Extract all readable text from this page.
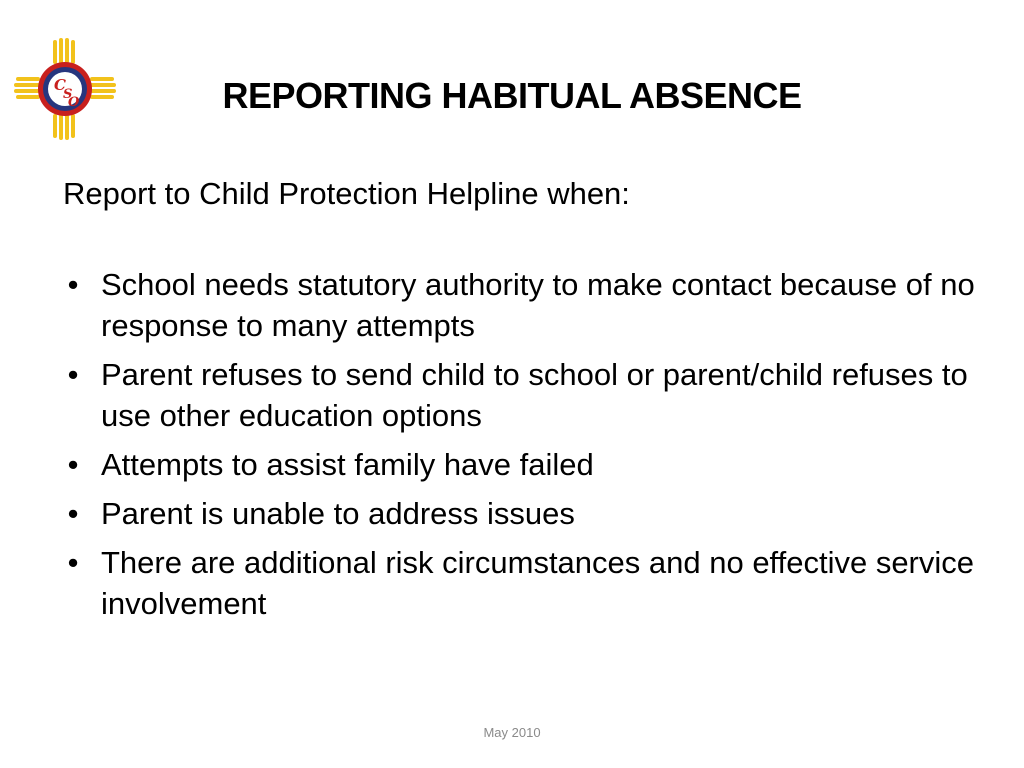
C
S
O	REPORTING HABITUAL ABSENCE
Report to Child Protection Helpline when:
• School needs statutory authority to make contact because of no response to many attempts
• Parent refuses to send child to school or parent/child refuses to use other education options
• Attempts to assist family have failed
• Parent is unable to address issues
• There are additional risk circumstances and no effective service involvement
May 2010
